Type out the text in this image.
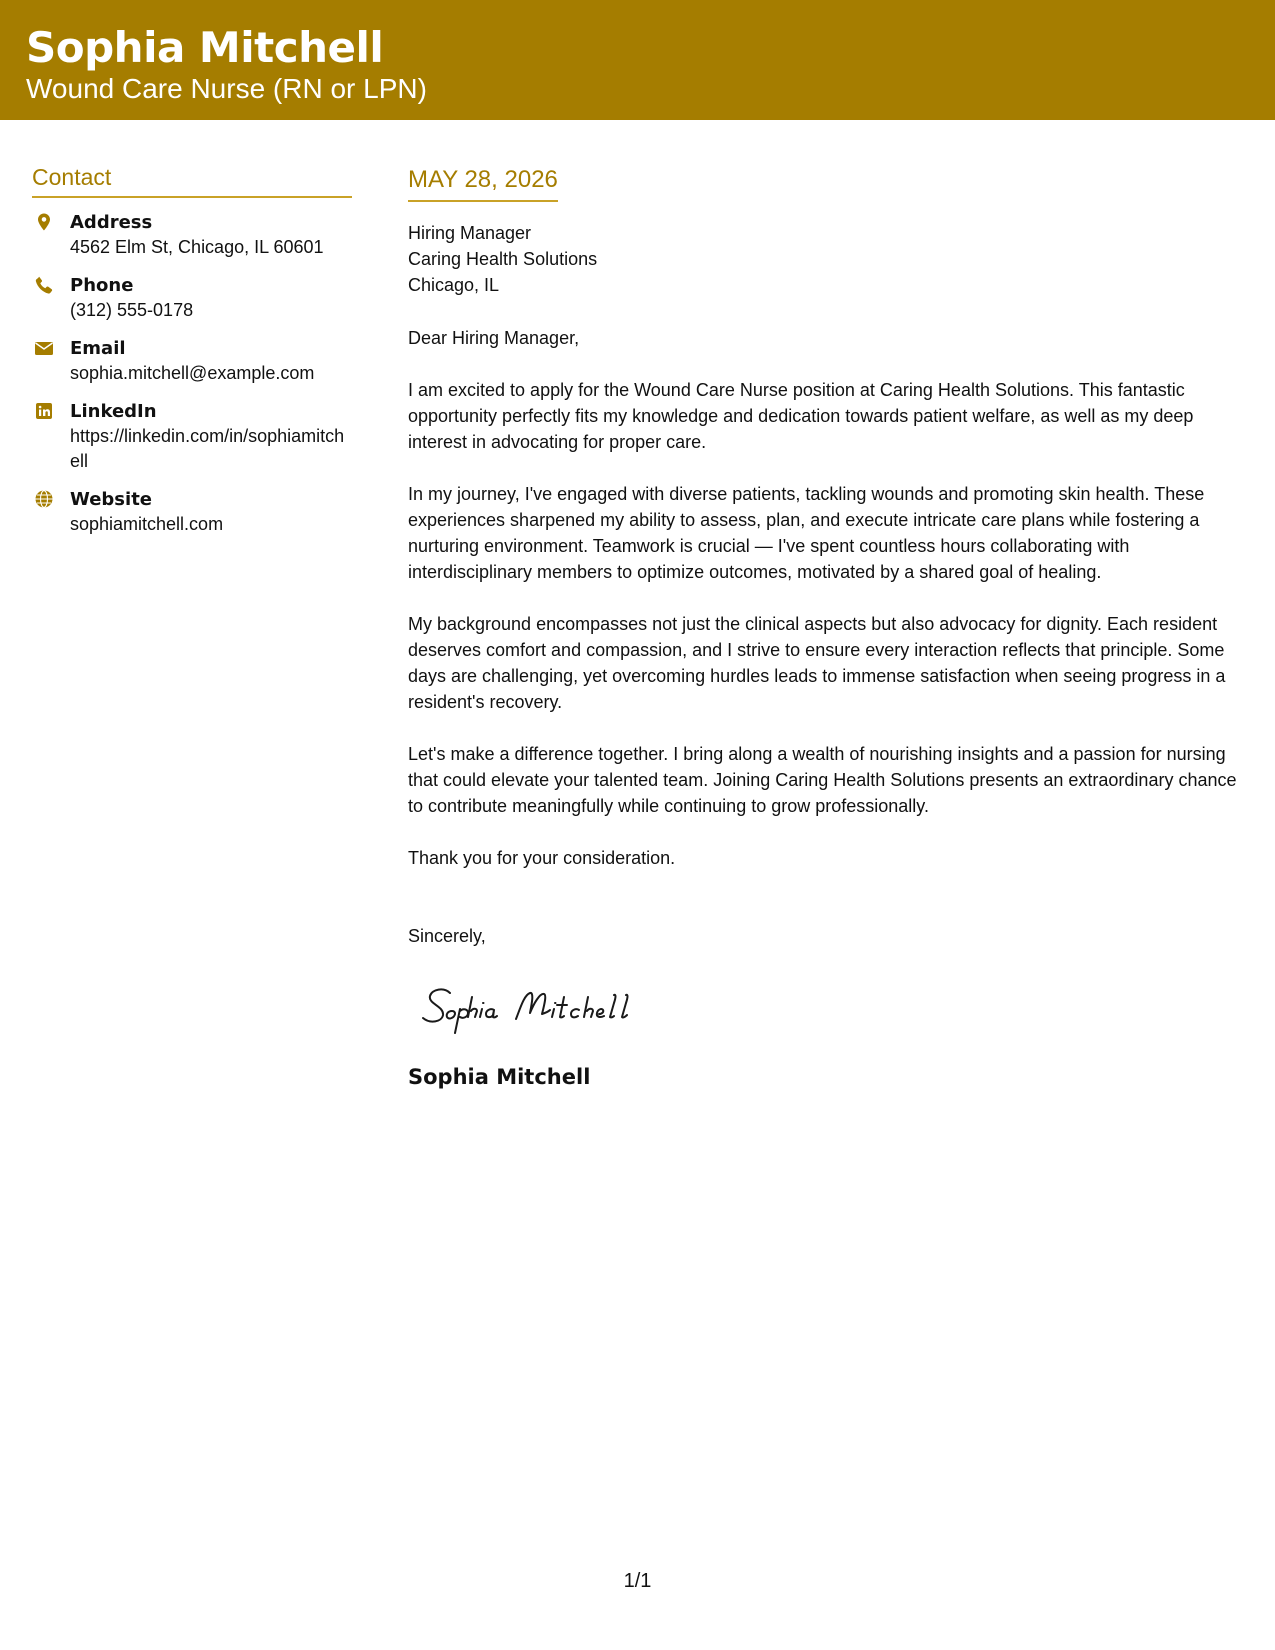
Sophia Mitchell
Wound Care Nurse (RN or LPN)
Contact
Address
4562 Elm St, Chicago, IL 60601
Phone
(312) 555-0178
Email
sophia.mitchell@example.com
LinkedIn
https://linkedin.com/in/sophiamitchell
Website
sophiamitchell.com
MAY 28, 2026
Hiring Manager
Caring Health Solutions
Chicago, IL
Dear Hiring Manager,
I am excited to apply for the Wound Care Nurse position at Caring Health Solutions. This fantastic opportunity perfectly fits my knowledge and dedication towards patient welfare, as well as my deep interest in advocating for proper care.
In my journey, I've engaged with diverse patients, tackling wounds and promoting skin health. These experiences sharpened my ability to assess, plan, and execute intricate care plans while fostering a nurturing environment. Teamwork is crucial — I've spent countless hours collaborating with interdisciplinary members to optimize outcomes, motivated by a shared goal of healing.
My background encompasses not just the clinical aspects but also advocacy for dignity. Each resident deserves comfort and compassion, and I strive to ensure every interaction reflects that principle. Some days are challenging, yet overcoming hurdles leads to immense satisfaction when seeing progress in a resident's recovery.
Let's make a difference together. I bring along a wealth of nourishing insights and a passion for nursing that could elevate your talented team. Joining Caring Health Solutions presents an extraordinary chance to contribute meaningfully while continuing to grow professionally.
Thank you for your consideration.
Sincerely,
Sophia Mitchell
1/1
